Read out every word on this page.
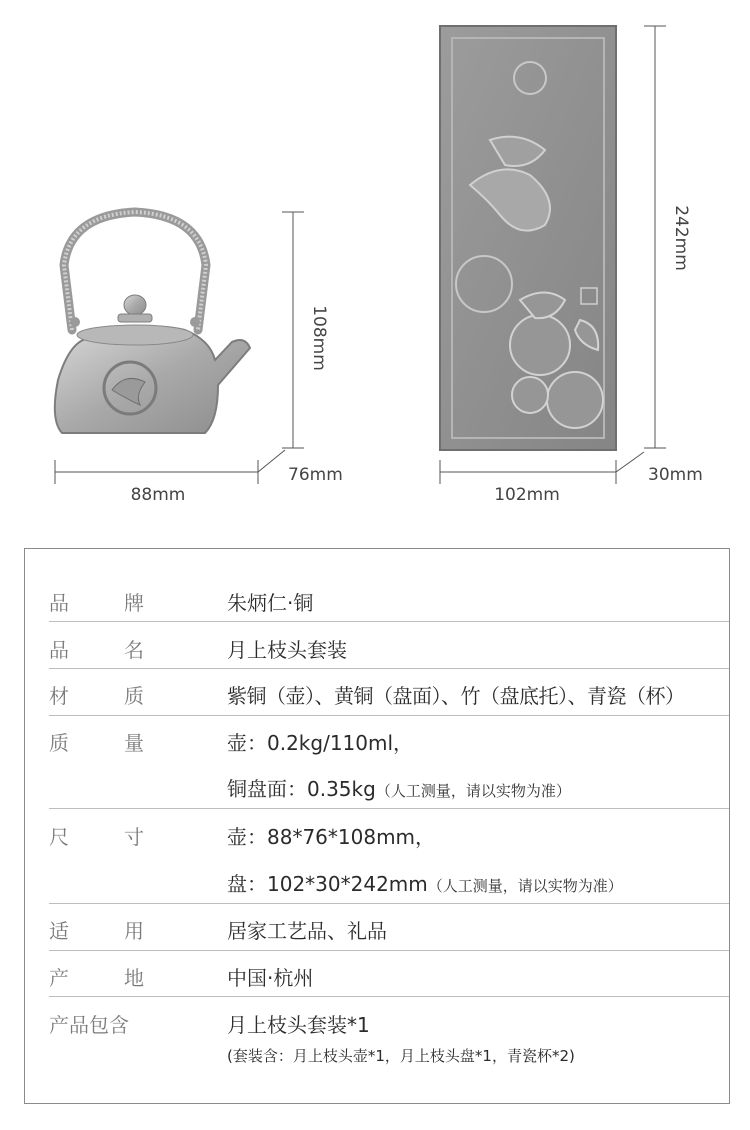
108mm
88mm
76mm
242mm
102mm
30mm
品	牌	朱炳仁·铜
品	名	月上枝头套装
材	质	紫铜（壶）、黄铜（盘面）、竹（盘底托）、青瓷（杯）
质	量	壶：0.2kg/110ml，
铜盘面：0.35kg（人工测量，请以实物为准）
尺	寸	壶：88*76*108mm，
盘：102*30*242mm（人工测量，请以实物为准）
适	用	居家工艺品、礼品
产	地	中国·杭州
产品包含	月上枝头套装*1
(套装含：月上枝头壶*1，月上枝头盘*1，青瓷杯*2)
